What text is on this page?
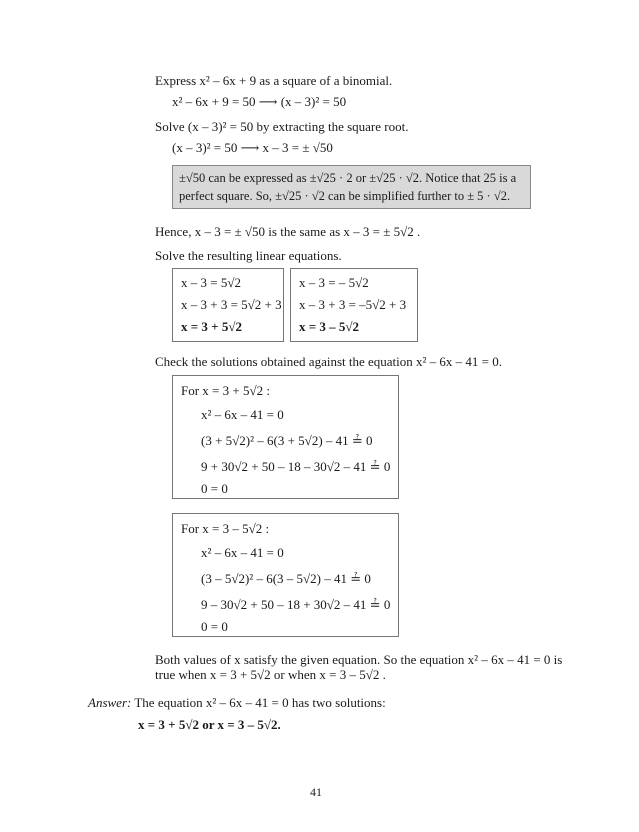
Express x² – 6x + 9 as a square of a binomial.
x² – 6x + 9 = 50 ⟶ (x – 3)² = 50
Solve (x – 3)² = 50 by extracting the square root.
(x – 3)² = 50 ⟶ x – 3 = ± √50
±√50 can be expressed as ±√25 · 2 or ±√25 · √2. Notice that 25 is a
perfect square. So, ±√25 · √2 can be simplified further to ± 5 · √2.
Hence, x – 3 = ± √50 is the same as x – 3 = ± 5√2 .
Solve the resulting linear equations.
x – 3 = 5√2
x – 3 + 3 = 5√2 + 3
x = 3 + 5√2
x – 3 = – 5√2
x – 3 + 3 = –5√2 + 3
x = 3 – 5√2
Check the solutions obtained against the equation x² – 6x – 41 = 0.
For x = 3 + 5√2 :
x² – 6x – 41 = 0
(3 + 5√2)² – 6(3 + 5√2) – 41 ≟ 0
9 + 30√2 + 50 – 18 – 30√2 – 41 ≟ 0
0 = 0
For x = 3 – 5√2 :
x² – 6x – 41 = 0
(3 – 5√2)² – 6(3 – 5√2) – 41 ≟ 0
9 – 30√2 + 50 – 18 + 30√2 – 41 ≟ 0
0 = 0
Both values of x satisfy the given equation. So the equation x² – 6x – 41 = 0 is
true when x = 3 + 5√2 or when x = 3 – 5√2 .
Answer: The equation x² – 6x – 41 = 0 has two solutions:
x = 3 + 5√2 or x = 3 – 5√2.
41
